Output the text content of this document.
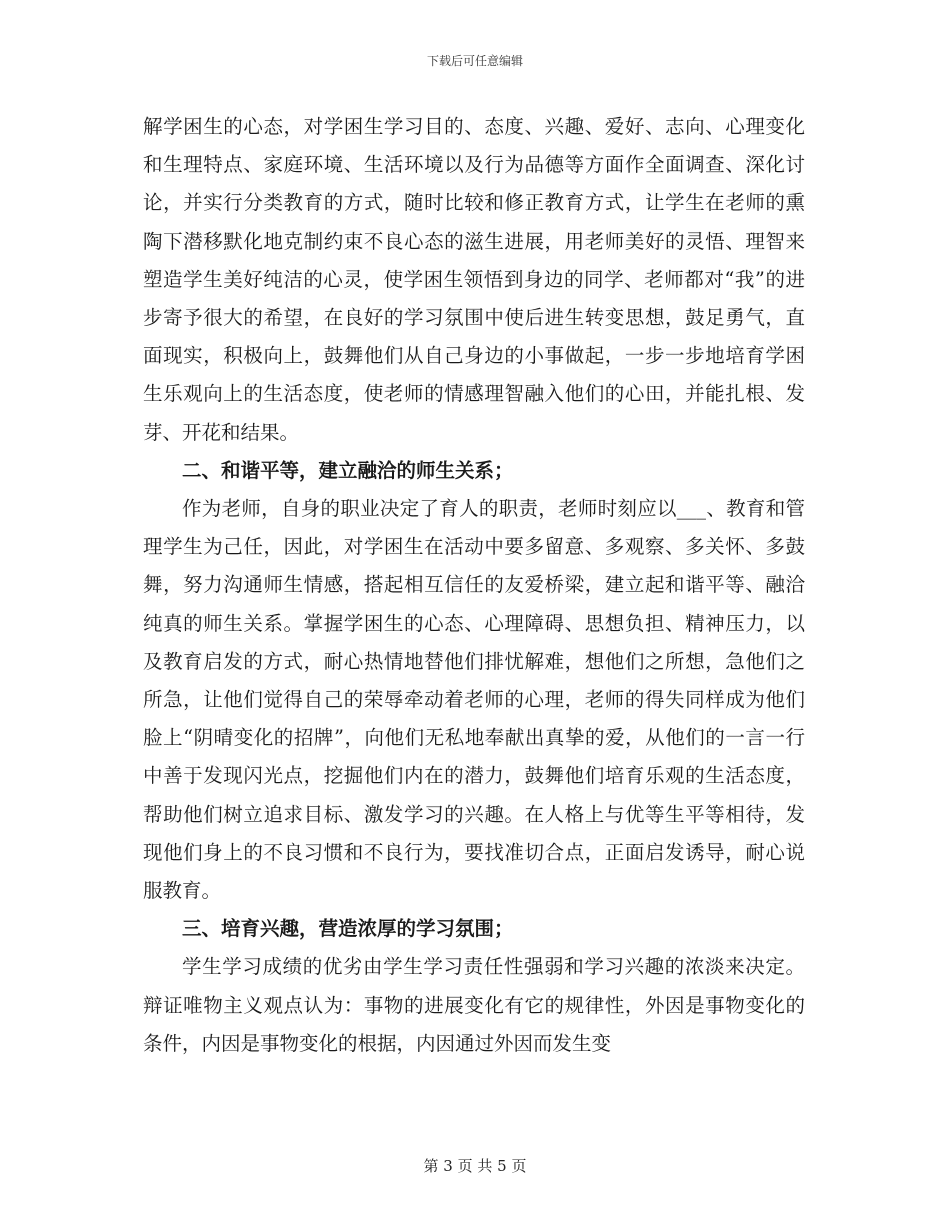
下载后可任意编辑

解学困生的心态，对学困生学习目的、态度、兴趣、爱好、志向、心理变化和生理特点、家庭环境、生活环境以及行为品德等方面作全面调查、深化讨论，并实行分类教育的方式，随时比较和修正教育方式，让学生在老师的熏陶下潜移默化地克制约束不良心态的滋生进展，用老师美好的灵悟、理智来塑造学生美好纯洁的心灵，使学困生领悟到身边的同学、老师都对“我”的进步寄予很大的希望，在良好的学习氛围中使后进生转变思想，鼓足勇气，直面现实，积极向上，鼓舞他们从自己身边的小事做起，一步一步地培育学困生乐观向上的生活态度，使老师的情感理智融入他们的心田，并能扎根、发芽、开花和结果。

二、和谐平等，建立融洽的师生关系；

作为老师，自身的职业决定了育人的职责，老师时刻应以___、教育和管理学生为己任，因此，对学困生在活动中要多留意、多观察、多关怀、多鼓舞，努力沟通师生情感，搭起相互信任的友爱桥梁，建立起和谐平等、融洽纯真的师生关系。掌握学困生的心态、心理障碍、思想负担、精神压力，以及教育启发的方式，耐心热情地替他们排忧解难，想他们之所想，急他们之所急，让他们觉得自己的荣辱牵动着老师的心理，老师的得失同样成为他们脸上“阴晴变化的招牌”，向他们无私地奉献出真挚的爱，从他们的一言一行中善于发现闪光点，挖掘他们内在的潜力，鼓舞他们培育乐观的生活态度，帮助他们树立追求目标、激发学习的兴趣。在人格上与优等生平等相待，发现他们身上的不良习惯和不良行为，要找准切合点，正面启发诱导，耐心说服教育。

三、培育兴趣，营造浓厚的学习氛围；

学生学习成绩的优劣由学生学习责任性强弱和学习兴趣的浓淡来决定。辩证唯物主义观点认为：事物的进展变化有它的规律性，外因是事物变化的条件，内因是事物变化的根据，内因通过外因而发生变

第 3 页 共 5 页
